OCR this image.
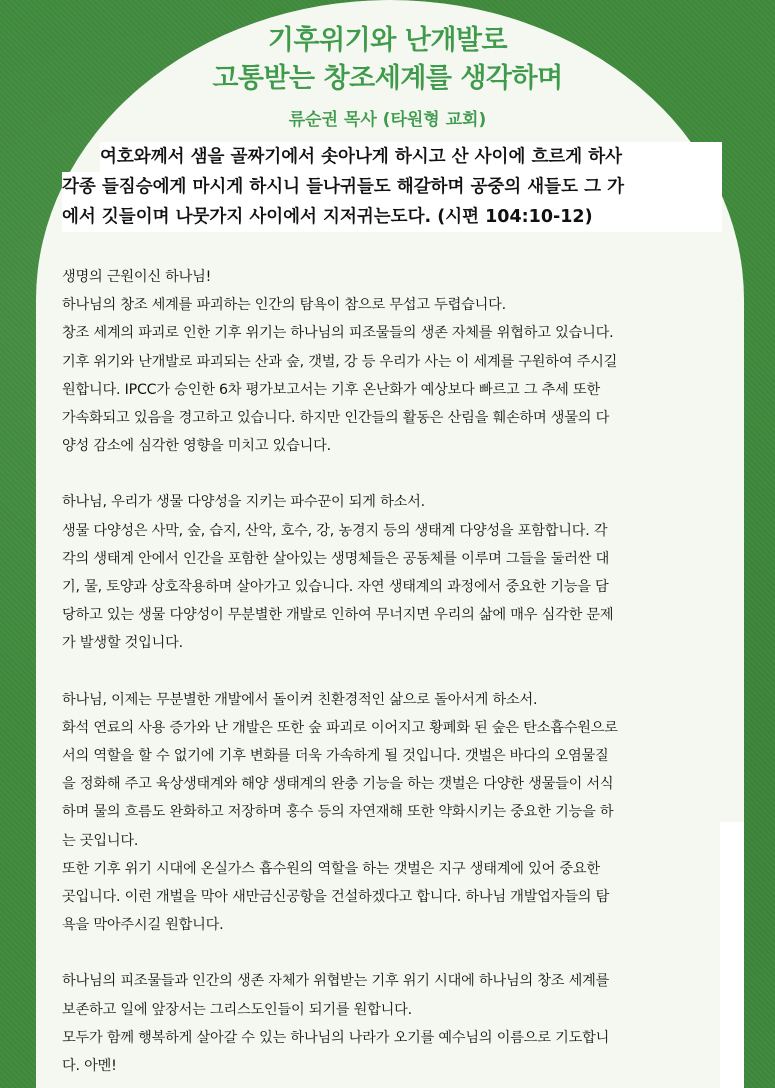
기후위기와 난개발로
고통받는 창조세계를 생각하며
류순권 목사 (타원형 교회)
여호와께서 샘을 골짜기에서 솟아나게 하시고 산 사이에 흐르게 하사
각종 들짐승에게 마시게 하시니 들나귀들도 해갈하며 공중의 새들도 그 가
에서 깃들이며 나뭇가지 사이에서 지저귀는도다. (시편 104:10-12)
생명의 근원이신 하나님!
하나님의 창조 세계를 파괴하는 인간의 탐욕이 참으로 무섭고 두렵습니다.
창조 세계의 파괴로 인한 기후 위기는 하나님의 피조물들의 생존 자체를 위협하고 있습니다.
기후 위기와 난개발로 파괴되는 산과 숲, 갯벌, 강 등 우리가 사는 이 세계를 구원하여 주시길
원합니다. IPCC가 승인한 6차 평가보고서는 기후 온난화가 예상보다 빠르고 그 추세 또한
가속화되고 있음을 경고하고 있습니다. 하지만 인간들의 활동은 산림을 훼손하며 생물의 다
양성 감소에 심각한 영향을 미치고 있습니다.
하나님, 우리가 생물 다양성을 지키는 파수꾼이 되게 하소서.
생물 다양성은 사막, 숲, 습지, 산악, 호수, 강, 농경지 등의 생태계 다양성을 포함합니다. 각
각의 생태계 안에서 인간을 포함한 살아있는 생명체들은 공동체를 이루며 그들을 둘러싼 대
기, 물, 토양과 상호작용하며 살아가고 있습니다. 자연 생태계의 과정에서 중요한 기능을 담
당하고 있는 생물 다양성이 무분별한 개발로 인하여 무너지면 우리의 삶에 매우 심각한 문제
가 발생할 것입니다.
하나님, 이제는 무분별한 개발에서 돌이켜 친환경적인 삶으로 돌아서게 하소서.
화석 연료의 사용 증가와 난 개발은 또한 숲 파괴로 이어지고 황폐화 된 숲은 탄소흡수원으로
서의 역할을 할 수 없기에 기후 변화를 더욱 가속하게 될 것입니다. 갯벌은 바다의 오염물질
을 정화해 주고 육상생태계와 해양 생태계의 완충 기능을 하는 갯벌은 다양한 생물들이 서식
하며 물의 흐름도 완화하고 저장하며 홍수 등의 자연재해 또한 약화시키는 중요한 기능을 하
는 곳입니다.
또한 기후 위기 시대에 온실가스 흡수원의 역할을 하는 갯벌은 지구 생태계에 있어 중요한
곳입니다. 이런 개벌을 막아 새만금신공항을 건설하겠다고 합니다. 하나님 개발업자들의 탐
욕을 막아주시길 원합니다.
하나님의 피조물들과 인간의 생존 자체가 위협받는 기후 위기 시대에 하나님의 창조 세계를
보존하고 일에 앞장서는 그리스도인들이 되기를 원합니다.
모두가 함께 행복하게 살아갈 수 있는 하나님의 나라가 오기를 예수님의 이름으로 기도합니
다. 아멘!
